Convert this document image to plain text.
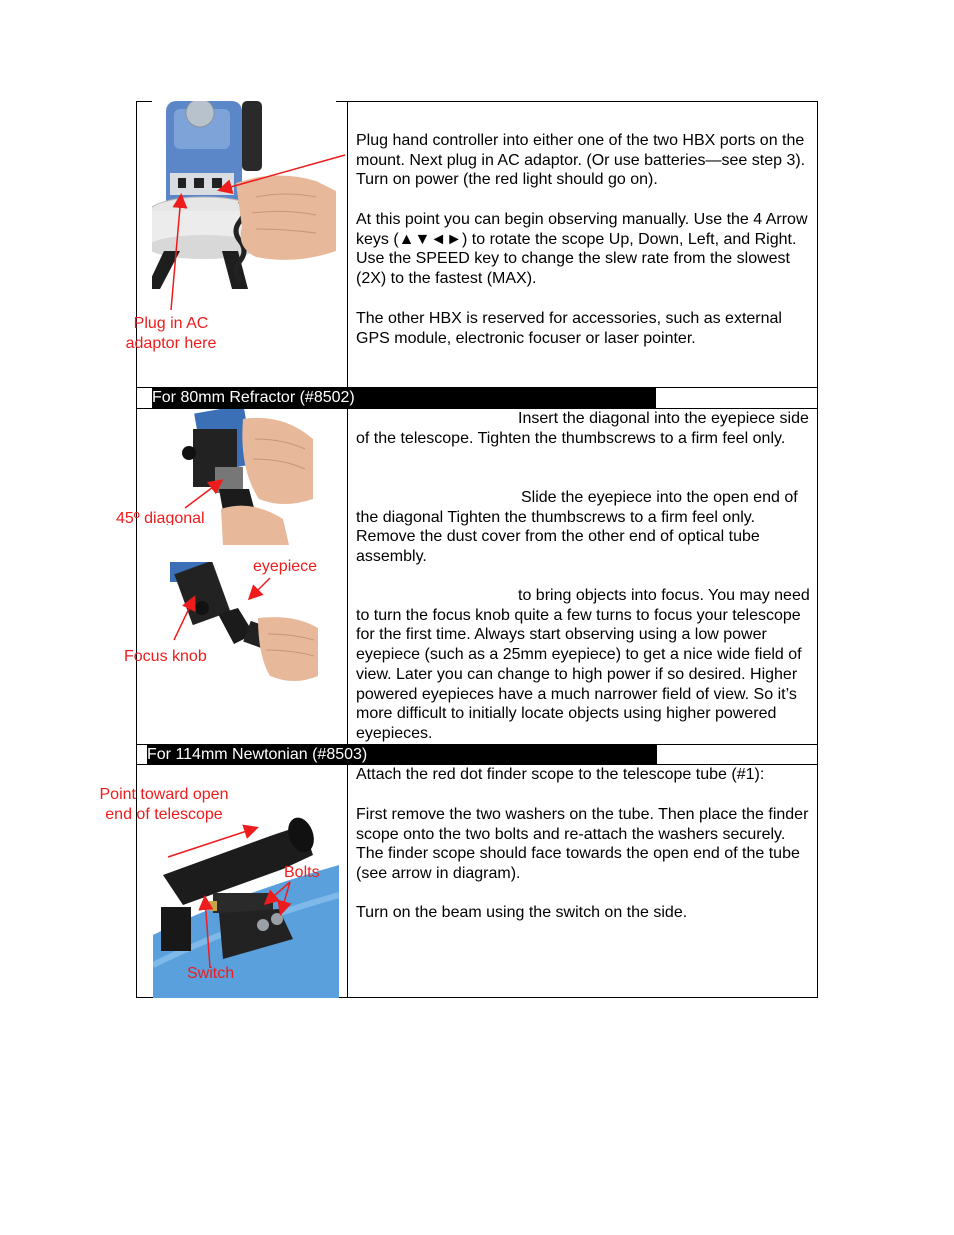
Plug hand controller into either one of the two HBX ports on the mount. Next plug in AC adaptor. (Or use batteries—see step 3). Turn on power (the red light should go on).

At this point you can begin observing manually. Use the 4 Arrow keys (▲▼◄►) to rotate the scope Up, Down, Left, and Right. Use the SPEED key to change the slew rate from the slowest (2X) to the fastest (MAX).

The other HBX is reserved for accessories, such as external GPS module, electronic focuser or laser pointer.

Plug in AC adaptor here
For 80mm Refractor (#8502)

Insert the diagonal into the eyepiece side of the telescope. Tighten the thumbscrews to a firm feel only.

Slide the eyepiece into the open end of the diagonal Tighten the thumbscrews to a firm feel only. Remove the dust cover from the other end of optical tube assembly.

to bring objects into focus. You may need to turn the focus knob quite a few turns to focus your telescope for the first time. Always start observing using a low power eyepiece (such as a 25mm eyepiece) to get a nice wide field of view. Later you can change to high power if so desired. Higher powered eyepieces have a much narrower field of view. So it’s more difficult to initially locate objects using higher powered eyepieces.

45º diagonal
eyepiece
Focus knob
For 114mm Newtonian (#8503)

Attach the red dot finder scope to the telescope tube (#1):

First remove the two washers on the tube. Then place the finder scope onto the two bolts and re-attach the washers securely. The finder scope should face towards the open end of the tube (see arrow in diagram).

Turn on the beam using the switch on the side.

Point toward open end of telescope
Bolts
Switch
